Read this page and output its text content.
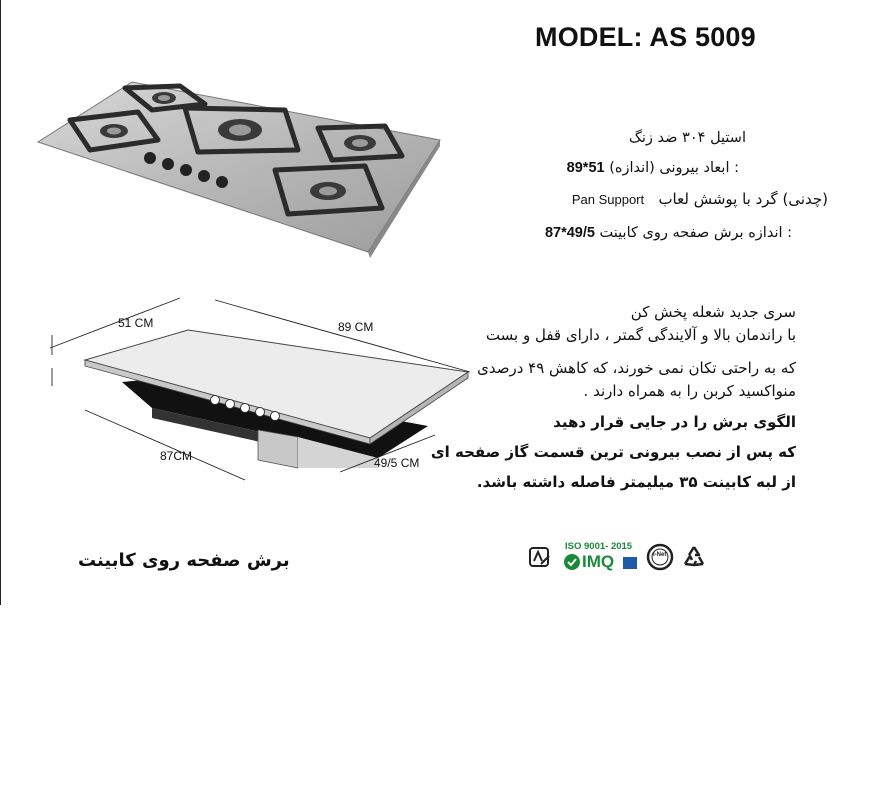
MODEL: AS 5009
استیل ۳۰۴ ضد زنگ
: ابعاد بیرونی (اندازه) 89*51
(چدنی) گرد با پوشش لعاب   Pan Support
: اندازه برش صفحه روی کابینت 87*49/5
51 CM	89 CM
87CM	49/5 CM
سری جدید شعله پخش کن
با راندمان بالا و آلایندگی گمتر ، دارای قفل و بست
که به راحتی تکان نمی خورند، که کاهش ۴۹ درصدی
منواکسید کربن را به همراه دارند .
الگوی برش را در جایی قرار دهید
که پس از نصب بیرونی ترین قسمت گاز صفحه ای
از لبه کابینت ۳۵ میلیمتر فاصله داشته باشد.
برش صفحه روی کابینت
ISO 9001- 2015
IMQ	I-Net
